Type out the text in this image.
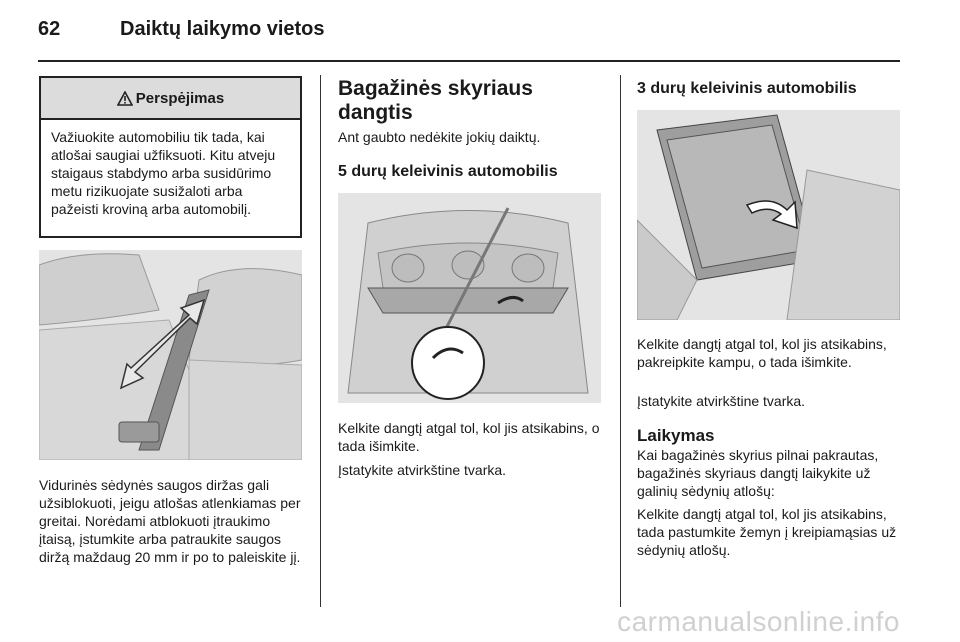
62	Daiktų laikymo vietos
Perspėjimas
Važiuokite automobiliu tik tada, kai atlošai saugiai užfiksuoti. Kitu atveju staigaus stabdymo arba susidūrimo metu rizikuojate susižaloti arba pažeisti kroviną arba automobilį.
Vidurinės sėdynės saugos diržas gali užsiblokuoti, jeigu atlošas atlenkiamas per greitai. Norėdami atblokuoti įtraukimo įtaisą, įstumkite arba patraukite saugos diržą maždaug 20 mm ir po to paleiskite jį.
Bagažinės skyriaus dangtis
Ant gaubto nedėkite jokių daiktų.
5 durų keleivinis automobilis
Kelkite dangtį atgal tol, kol jis atsikabins, o tada išimkite.
Įstatykite atvirkštine tvarka.
3 durų keleivinis automobilis
Kelkite dangtį atgal tol, kol jis atsikabins, pakreipkite kampu, o tada išimkite.
Įstatykite atvirkštine tvarka.
Laikymas
Kai bagažinės skyrius pilnai pakrautas, bagažinės skyriaus dangtį laikykite už galinių sėdynių atlošų:
Kelkite dangtį atgal tol, kol jis atsikabins, tada pastumkite žemyn į kreipiamąsias už sėdynių atlošų.
carmanualsonline.info
